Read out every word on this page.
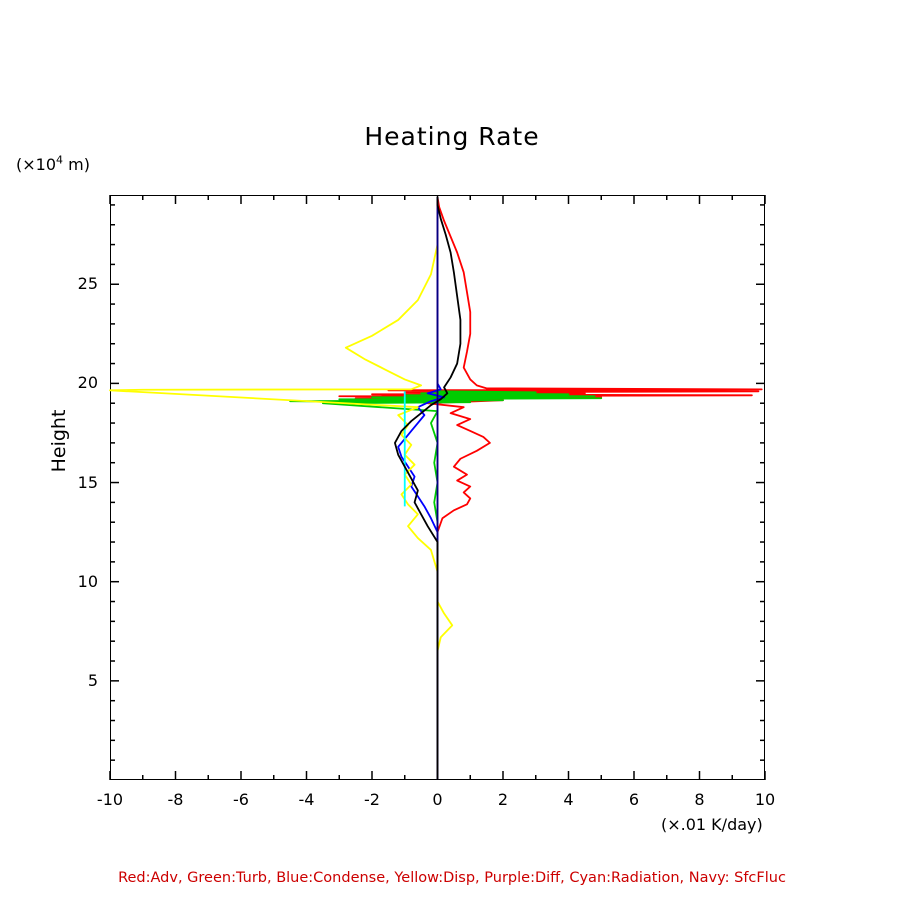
Heating Rate
($\times 10^4$ m)
(×.01 K/day)
Height
-10	-8	-6	-4	-2	0	2	4	6	8	10
5
10
15
20
25
Red:Adv, Green:Turb, Blue:Condense, Yellow:Disp, Purple:Diff, Cyan:Radiation, Navy: SfcFluc
